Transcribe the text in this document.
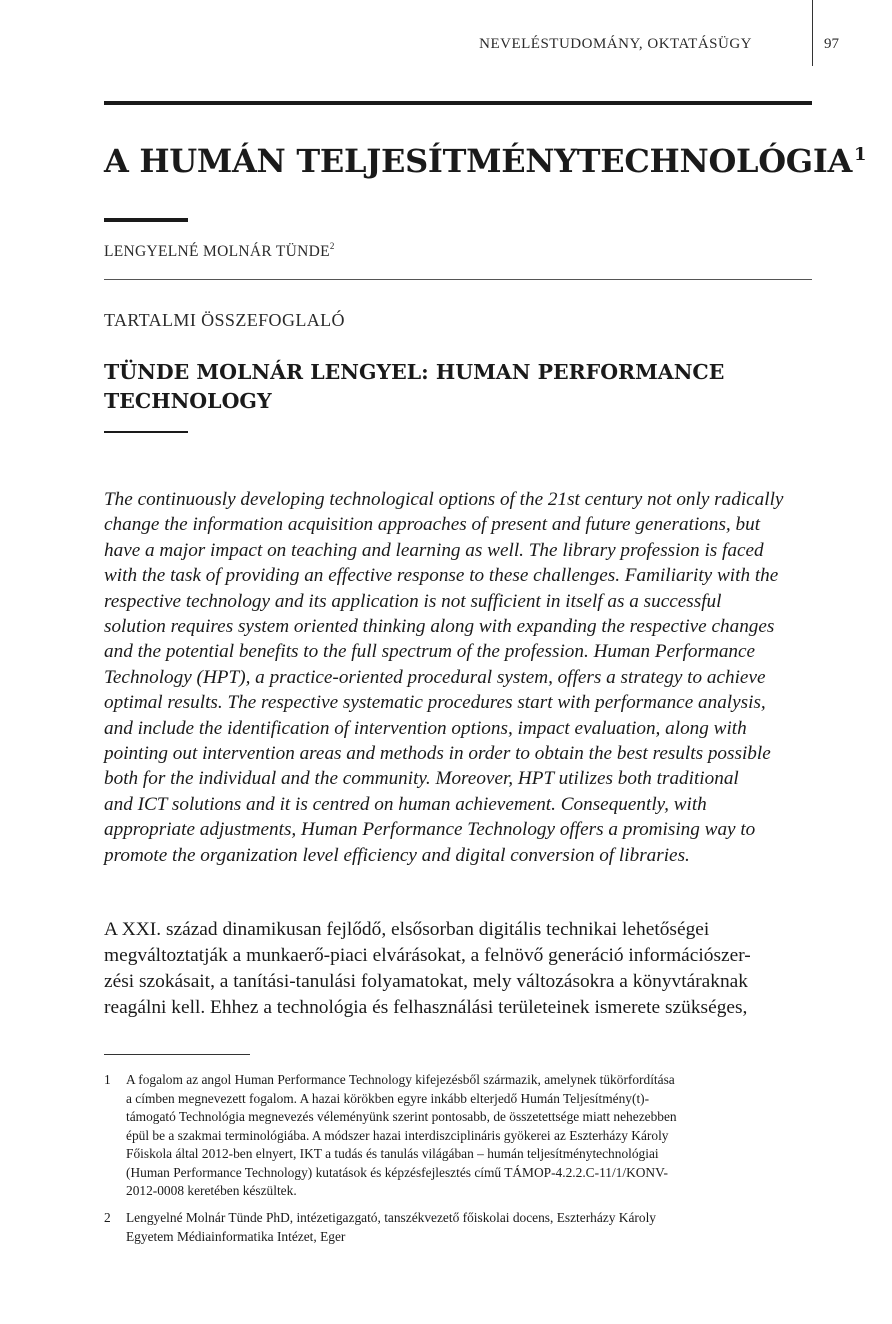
NEVELÉSTUDOMÁNY, OKTATÁSÜGY	97
A HUMÁN TELJESÍTMÉNYTECHNOLÓGIA $^1$
LENGYELNÉ MOLNÁR TÜNDE$^2$
TARTALMI ÖSSZEFOGLALÓ
TÜNDE MOLNÁR LENGYEL: HUMAN PERFORMANCE
TECHNOLOGY
The continuously developing technological options of the 21st century not only radically
change the information acquisition approaches of present and future generations, but
have a major impact on teaching and learning as well. The library profession is faced
with the task of providing an effective response to these challenges. Familiarity with the
respective technology and its application is not sufficient in itself as a successful
solution requires system oriented thinking along with expanding the respective changes
and the potential benefits to the full spectrum of the profession. Human Performance
Technology (HPT), a practice-oriented procedural system, offers a strategy to achieve
optimal results. The respective systematic procedures start with performance analysis,
and include the identification of intervention options, impact evaluation, along with
pointing out intervention areas and methods in order to obtain the best results possible
both for the individual and the community. Moreover, HPT utilizes both traditional
and ICT solutions and it is centred on human achievement. Consequently, with
appropriate adjustments, Human Performance Technology offers a promising way to
promote the organization level efficiency and digital conversion of libraries.
A XXI. század dinamikusan fejlődő, elsősorban digitális technikai lehetőségei
megváltoztatják a munkaerő-piaci elvárásokat, a felnövő generáció információszer-
zési szokásait, a tanítási-tanulási folyamatokat, mely változásokra a könyvtáraknak
reagálni kell. Ehhez a technológia és felhasználási területeinek ismerete szükséges,
1 A fogalom az angol Human Performance Technology kifejezésből származik, amelynek tükörfordítása
a címben megnevezett fogalom. A hazai körökben egyre inkább elterjedő Humán Teljesítmény(t)-
támogató Technológia megnevezés véleményünk szerint pontosabb, de összetettsége miatt nehezebben
épül be a szakmai terminológiába. A módszer hazai interdiszciplináris gyökerei az Eszterházy Károly
Főiskola által 2012-ben elnyert, IKT a tudás és tanulás világában – humán teljesítménytechnológiai
(Human Performance Technology) kutatások és képzésfejlesztés című TÁMOP-4.2.2.C-11/1/KONV-
2012-0008 keretében készültek.
2 Lengyelné Molnár Tünde PhD, intézetigazgató, tanszékvezető főiskolai docens, Eszterházy Károly
Egyetem Médiainformatika Intézet, Eger
